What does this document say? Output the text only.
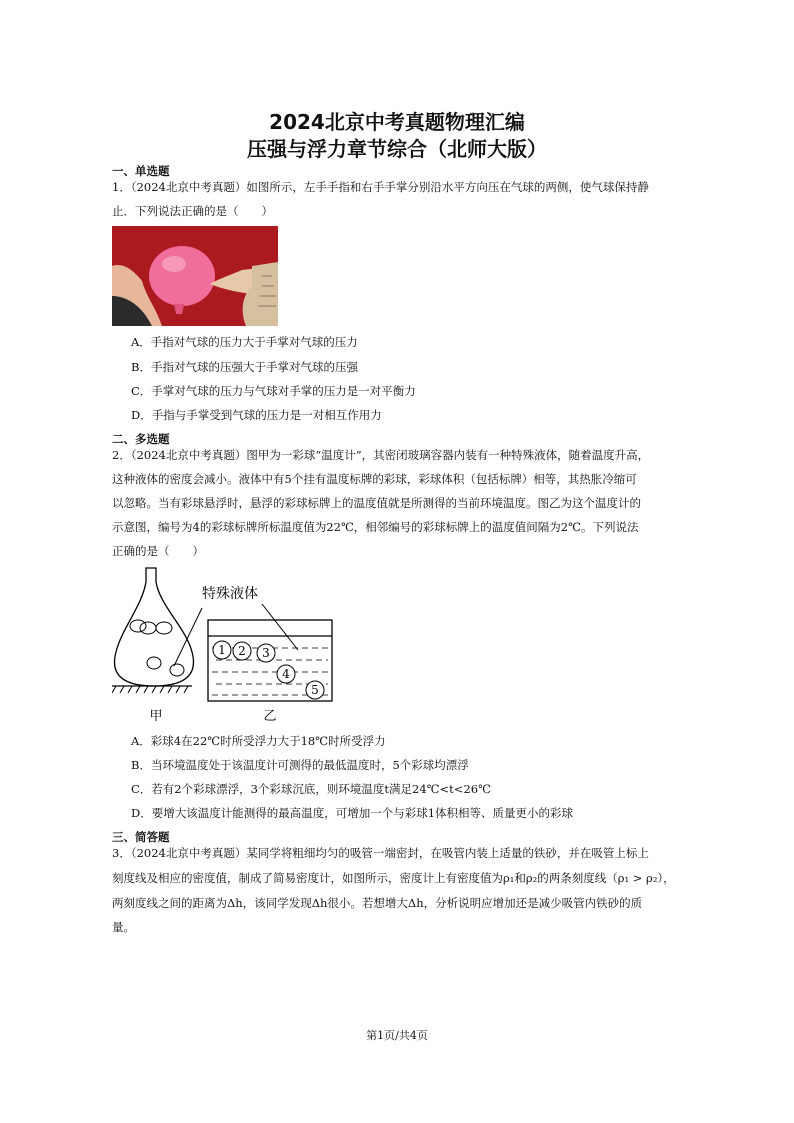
2024北京中考真题物理汇编
压强与浮力章节综合（北师大版）
一、单选题
1．（2024北京中考真题）如图所示，左手手指和右手手掌分别沿水平方向压在气球的两侧，使气球保持静
止．下列说法正确的是（　　）
A．手指对气球的压力大于手掌对气球的压力
B．手指对气球的压强大于手掌对气球的压强
C．手掌对气球的压力与气球对手掌的压力是一对平衡力
D．手指与手掌受到气球的压力是一对相互作用力
二、多选题
2．（2024北京中考真题）图甲为一彩球“温度计”，其密闭玻璃容器内装有一种特殊液体，随着温度升高，
这种液体的密度会减小。液体中有5个挂有温度标牌的彩球，彩球体积（包括标牌）相等，其热胀冷缩可
以忽略。当有彩球悬浮时，悬浮的彩球标牌上的温度值就是所测得的当前环境温度。图乙为这个温度计的
示意图，编号为4的彩球标牌所标温度值为22℃，相邻编号的彩球标牌上的温度值间隔为2℃。下列说法
正确的是（　　）
特殊液体
1 2 3
4
5
甲	乙
A．彩球4在22℃时所受浮力大于18℃时所受浮力
B．当环境温度处于该温度计可测得的最低温度时，5个彩球均漂浮
C．若有2个彩球漂浮，3个彩球沉底，则环境温度t满足24℃<t<26℃
D．要增大该温度计能测得的最高温度，可增加一个与彩球1体积相等、质量更小的彩球
三、简答题
3．（2024北京中考真题）某同学将粗细均匀的吸管一端密封，在吸管内装上适量的铁砂，并在吸管上标上
刻度线及相应的密度值，制成了简易密度计，如图所示，密度计上有密度值为ρ₁和ρ₂的两条刻度线（ρ₁ > ρ₂），
两刻度线之间的距离为Δh，该同学发现Δh很小。若想增大Δh，分析说明应增加还是减少吸管内铁砂的质
量。
第1页/共4页
